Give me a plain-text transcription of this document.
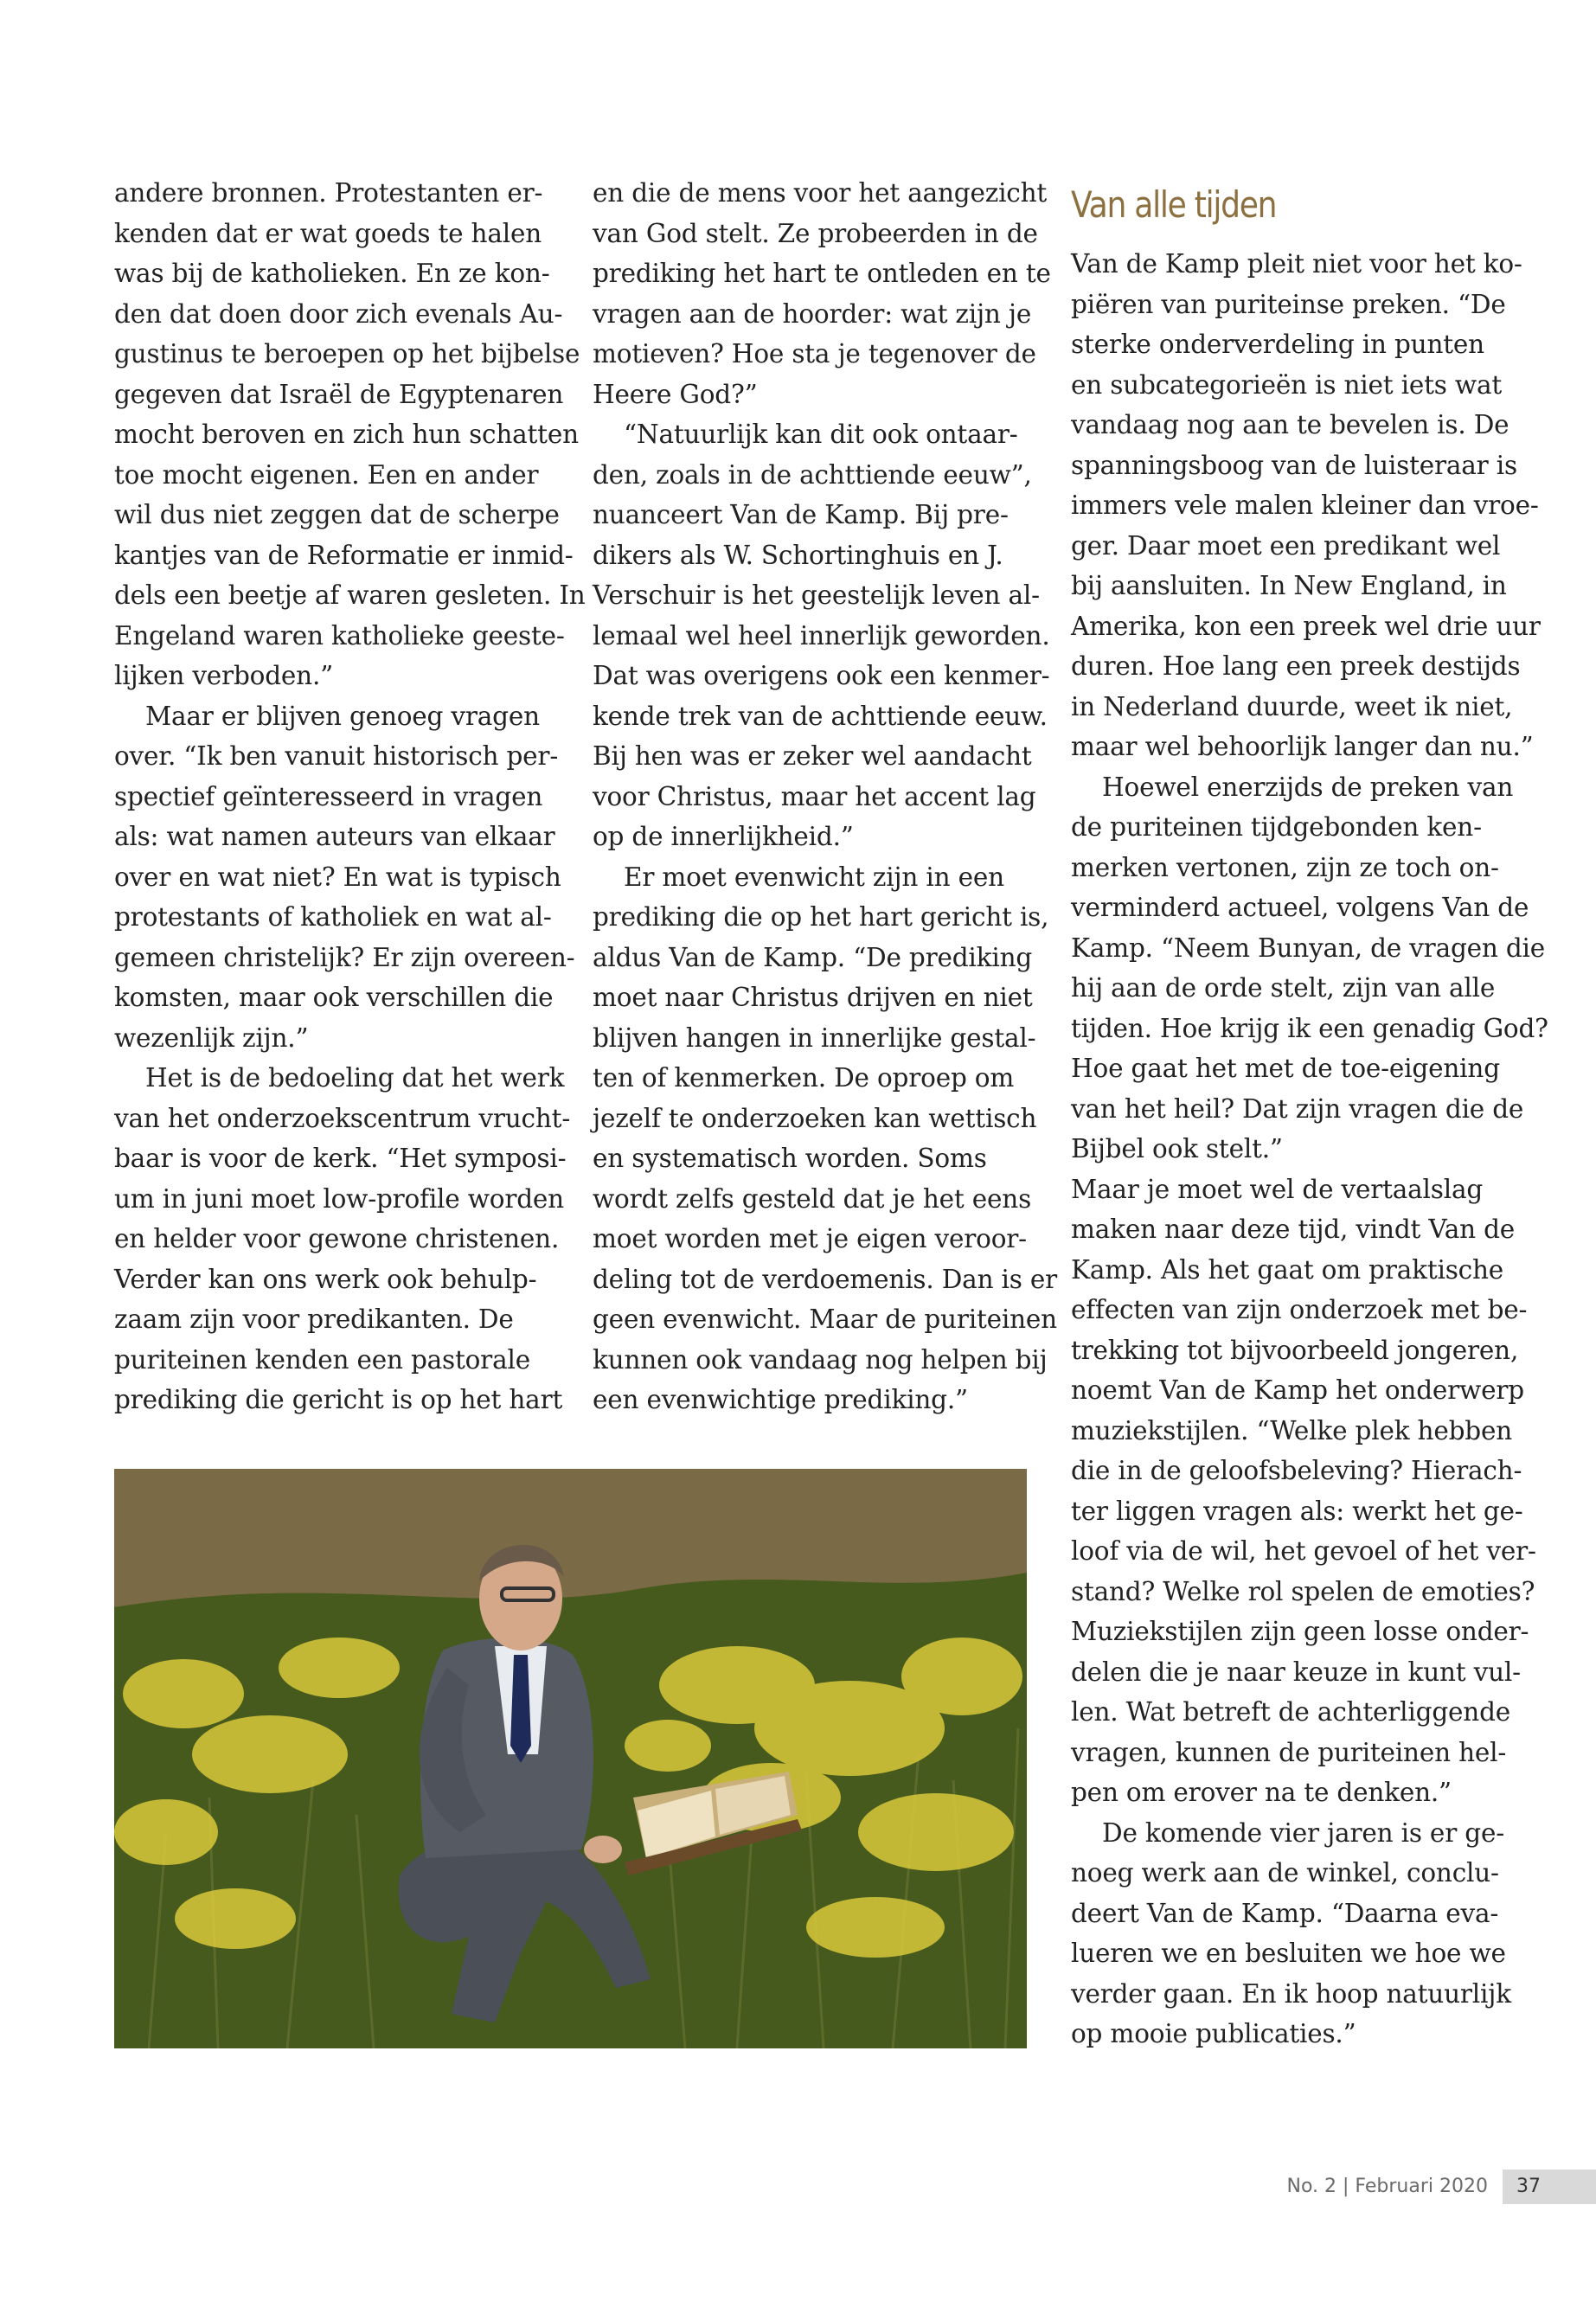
andere bronnen. Protestanten er-
kenden dat er wat goeds te halen
was bij de katholieken. En ze kon-
den dat doen door zich evenals Au-
gustinus te beroepen op het bijbelse
gegeven dat Israël de Egyptenaren
mocht beroven en zich hun schatten
toe mocht eigenen. Een en ander
wil dus niet zeggen dat de scherpe
kantjes van de Reformatie er inmid-
dels een beetje af waren gesleten. In
Engeland waren katholieke geeste-
lijken verboden.”
Maar er blijven genoeg vragen
over. “Ik ben vanuit historisch per-
spectief geïnteresseerd in vragen
als: wat namen auteurs van elkaar
over en wat niet? En wat is typisch
protestants of katholiek en wat al-
gemeen christelijk? Er zijn overeen-
komsten, maar ook verschillen die
wezenlijk zijn.”
Het is de bedoeling dat het werk
van het onderzoekscentrum vrucht-
baar is voor de kerk. “Het symposi-
um in juni moet low-profile worden
en helder voor gewone christenen.
Verder kan ons werk ook behulp-
zaam zijn voor predikanten. De
puriteinen kenden een pastorale
prediking die gericht is op het hart
en die de mens voor het aangezicht
van God stelt. Ze probeerden in de
prediking het hart te ontleden en te
vragen aan de hoorder: wat zijn je
motieven? Hoe sta je tegenover de
Heere God?”
“Natuurlijk kan dit ook ontaar-
den, zoals in de achttiende eeuw”,
nuanceert Van de Kamp. Bij pre-
dikers als W. Schortinghuis en J.
Verschuir is het geestelijk leven al-
lemaal wel heel innerlijk geworden.
Dat was overigens ook een kenmer-
kende trek van de achttiende eeuw.
Bij hen was er zeker wel aandacht
voor Christus, maar het accent lag
op de innerlijkheid.”
Er moet evenwicht zijn in een
prediking die op het hart gericht is,
aldus Van de Kamp. “De prediking
moet naar Christus drijven en niet
blijven hangen in innerlijke gestal-
ten of kenmerken. De oproep om
jezelf te onderzoeken kan wettisch
en systematisch worden. Soms
wordt zelfs gesteld dat je het eens
moet worden met je eigen veroor-
deling tot de verdoemenis. Dan is er
geen evenwicht. Maar de puriteinen
kunnen ook vandaag nog helpen bij
een evenwichtige prediking.”
Van alle tijden
Van de Kamp pleit niet voor het ko-
piëren van puriteinse preken. “De
sterke onderverdeling in punten
en subcategorieën is niet iets wat
vandaag nog aan te bevelen is. De
spanningsboog van de luisteraar is
immers vele malen kleiner dan vroe-
ger. Daar moet een predikant wel
bij aansluiten. In New England, in
Amerika, kon een preek wel drie uur
duren. Hoe lang een preek destijds
in Nederland duurde, weet ik niet,
maar wel behoorlijk langer dan nu.”
Hoewel enerzijds de preken van
de puriteinen tijdgebonden ken-
merken vertonen, zijn ze toch on-
verminderd actueel, volgens Van de
Kamp. “Neem Bunyan, de vragen die
hij aan de orde stelt, zijn van alle
tijden. Hoe krijg ik een genadig God?
Hoe gaat het met de toe-eigening
van het heil? Dat zijn vragen die de
Bijbel ook stelt.”
Maar je moet wel de vertaalslag
maken naar deze tijd, vindt Van de
Kamp. Als het gaat om praktische
effecten van zijn onderzoek met be-
trekking tot bijvoorbeeld jongeren,
noemt Van de Kamp het onderwerp
muziekstijlen. “Welke plek hebben
die in de geloofsbeleving? Hierach-
ter liggen vragen als: werkt het ge-
loof via de wil, het gevoel of het ver-
stand? Welke rol spelen de emoties?
Muziekstijlen zijn geen losse onder-
delen die je naar keuze in kunt vul-
len. Wat betreft de achterliggende
vragen, kunnen de puriteinen hel-
pen om erover na te denken.”
De komende vier jaren is er ge-
noeg werk aan de winkel, conclu-
deert Van de Kamp. “Daarna eva-
lueren we en besluiten we hoe we
verder gaan. En ik hoop natuurlijk
op mooie publicaties.”
No. 2 | Februari 2020	37
